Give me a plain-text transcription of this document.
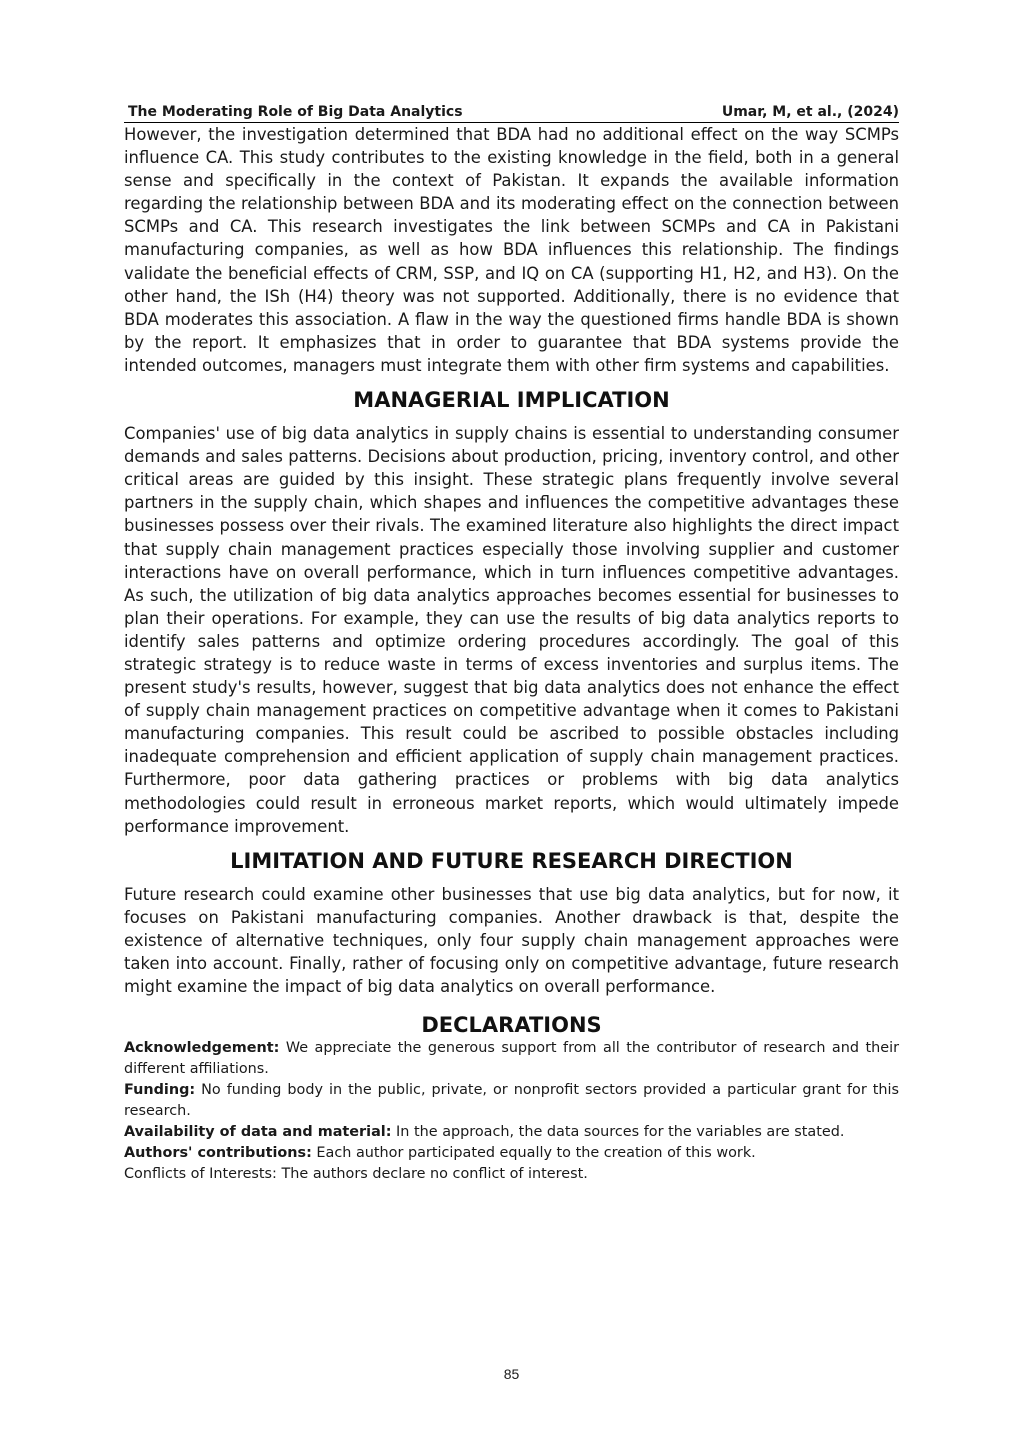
The Moderating Role of Big Data Analytics	Umar, M, et al., (2024)

However, the investigation determined that BDA had no additional effect on the way SCMPs influence CA. This study contributes to the existing knowledge in the field, both in a general sense and specifically in the context of Pakistan. It expands the available information regarding the relationship between BDA and its moderating effect on the connection between SCMPs and CA. This research investigates the link between SCMPs and CA in Pakistani manufacturing companies, as well as how BDA influences this relationship. The findings validate the beneficial effects of CRM, SSP, and IQ on CA (supporting H1, H2, and H3). On the other hand, the ISh (H4) theory was not supported. Additionally, there is no evidence that BDA moderates this association. A flaw in the way the questioned firms handle BDA is shown by the report. It emphasizes that in order to guarantee that BDA systems provide the intended outcomes, managers must integrate them with other firm systems and capabilities.

MANAGERIAL IMPLICATION

Companies' use of big data analytics in supply chains is essential to understanding consumer demands and sales patterns. Decisions about production, pricing, inventory control, and other critical areas are guided by this insight. These strategic plans frequently involve several partners in the supply chain, which shapes and influences the competitive advantages these businesses possess over their rivals. The examined literature also highlights the direct impact that supply chain management practices especially those involving supplier and customer interactions have on overall performance, which in turn influences competitive advantages. As such, the utilization of big data analytics approaches becomes essential for businesses to plan their operations. For example, they can use the results of big data analytics reports to identify sales patterns and optimize ordering procedures accordingly. The goal of this strategic strategy is to reduce waste in terms of excess inventories and surplus items. The present study's results, however, suggest that big data analytics does not enhance the effect of supply chain management practices on competitive advantage when it comes to Pakistani manufacturing companies. This result could be ascribed to possible obstacles including inadequate comprehension and efficient application of supply chain management practices. Furthermore, poor data gathering practices or problems with big data analytics methodologies could result in erroneous market reports, which would ultimately impede performance improvement.

LIMITATION AND FUTURE RESEARCH DIRECTION

Future research could examine other businesses that use big data analytics, but for now, it focuses on Pakistani manufacturing companies. Another drawback is that, despite the existence of alternative techniques, only four supply chain management approaches were taken into account. Finally, rather of focusing only on competitive advantage, future research might examine the impact of big data analytics on overall performance.

DECLARATIONS

Acknowledgement: We appreciate the generous support from all the contributor of research and their different affiliations.

Funding: No funding body in the public, private, or nonprofit sectors provided a particular grant for this research.

Availability of data and material: In the approach, the data sources for the variables are stated.

Authors' contributions: Each author participated equally to the creation of this work.

Conflicts of Interests: The authors declare no conflict of interest.

85
